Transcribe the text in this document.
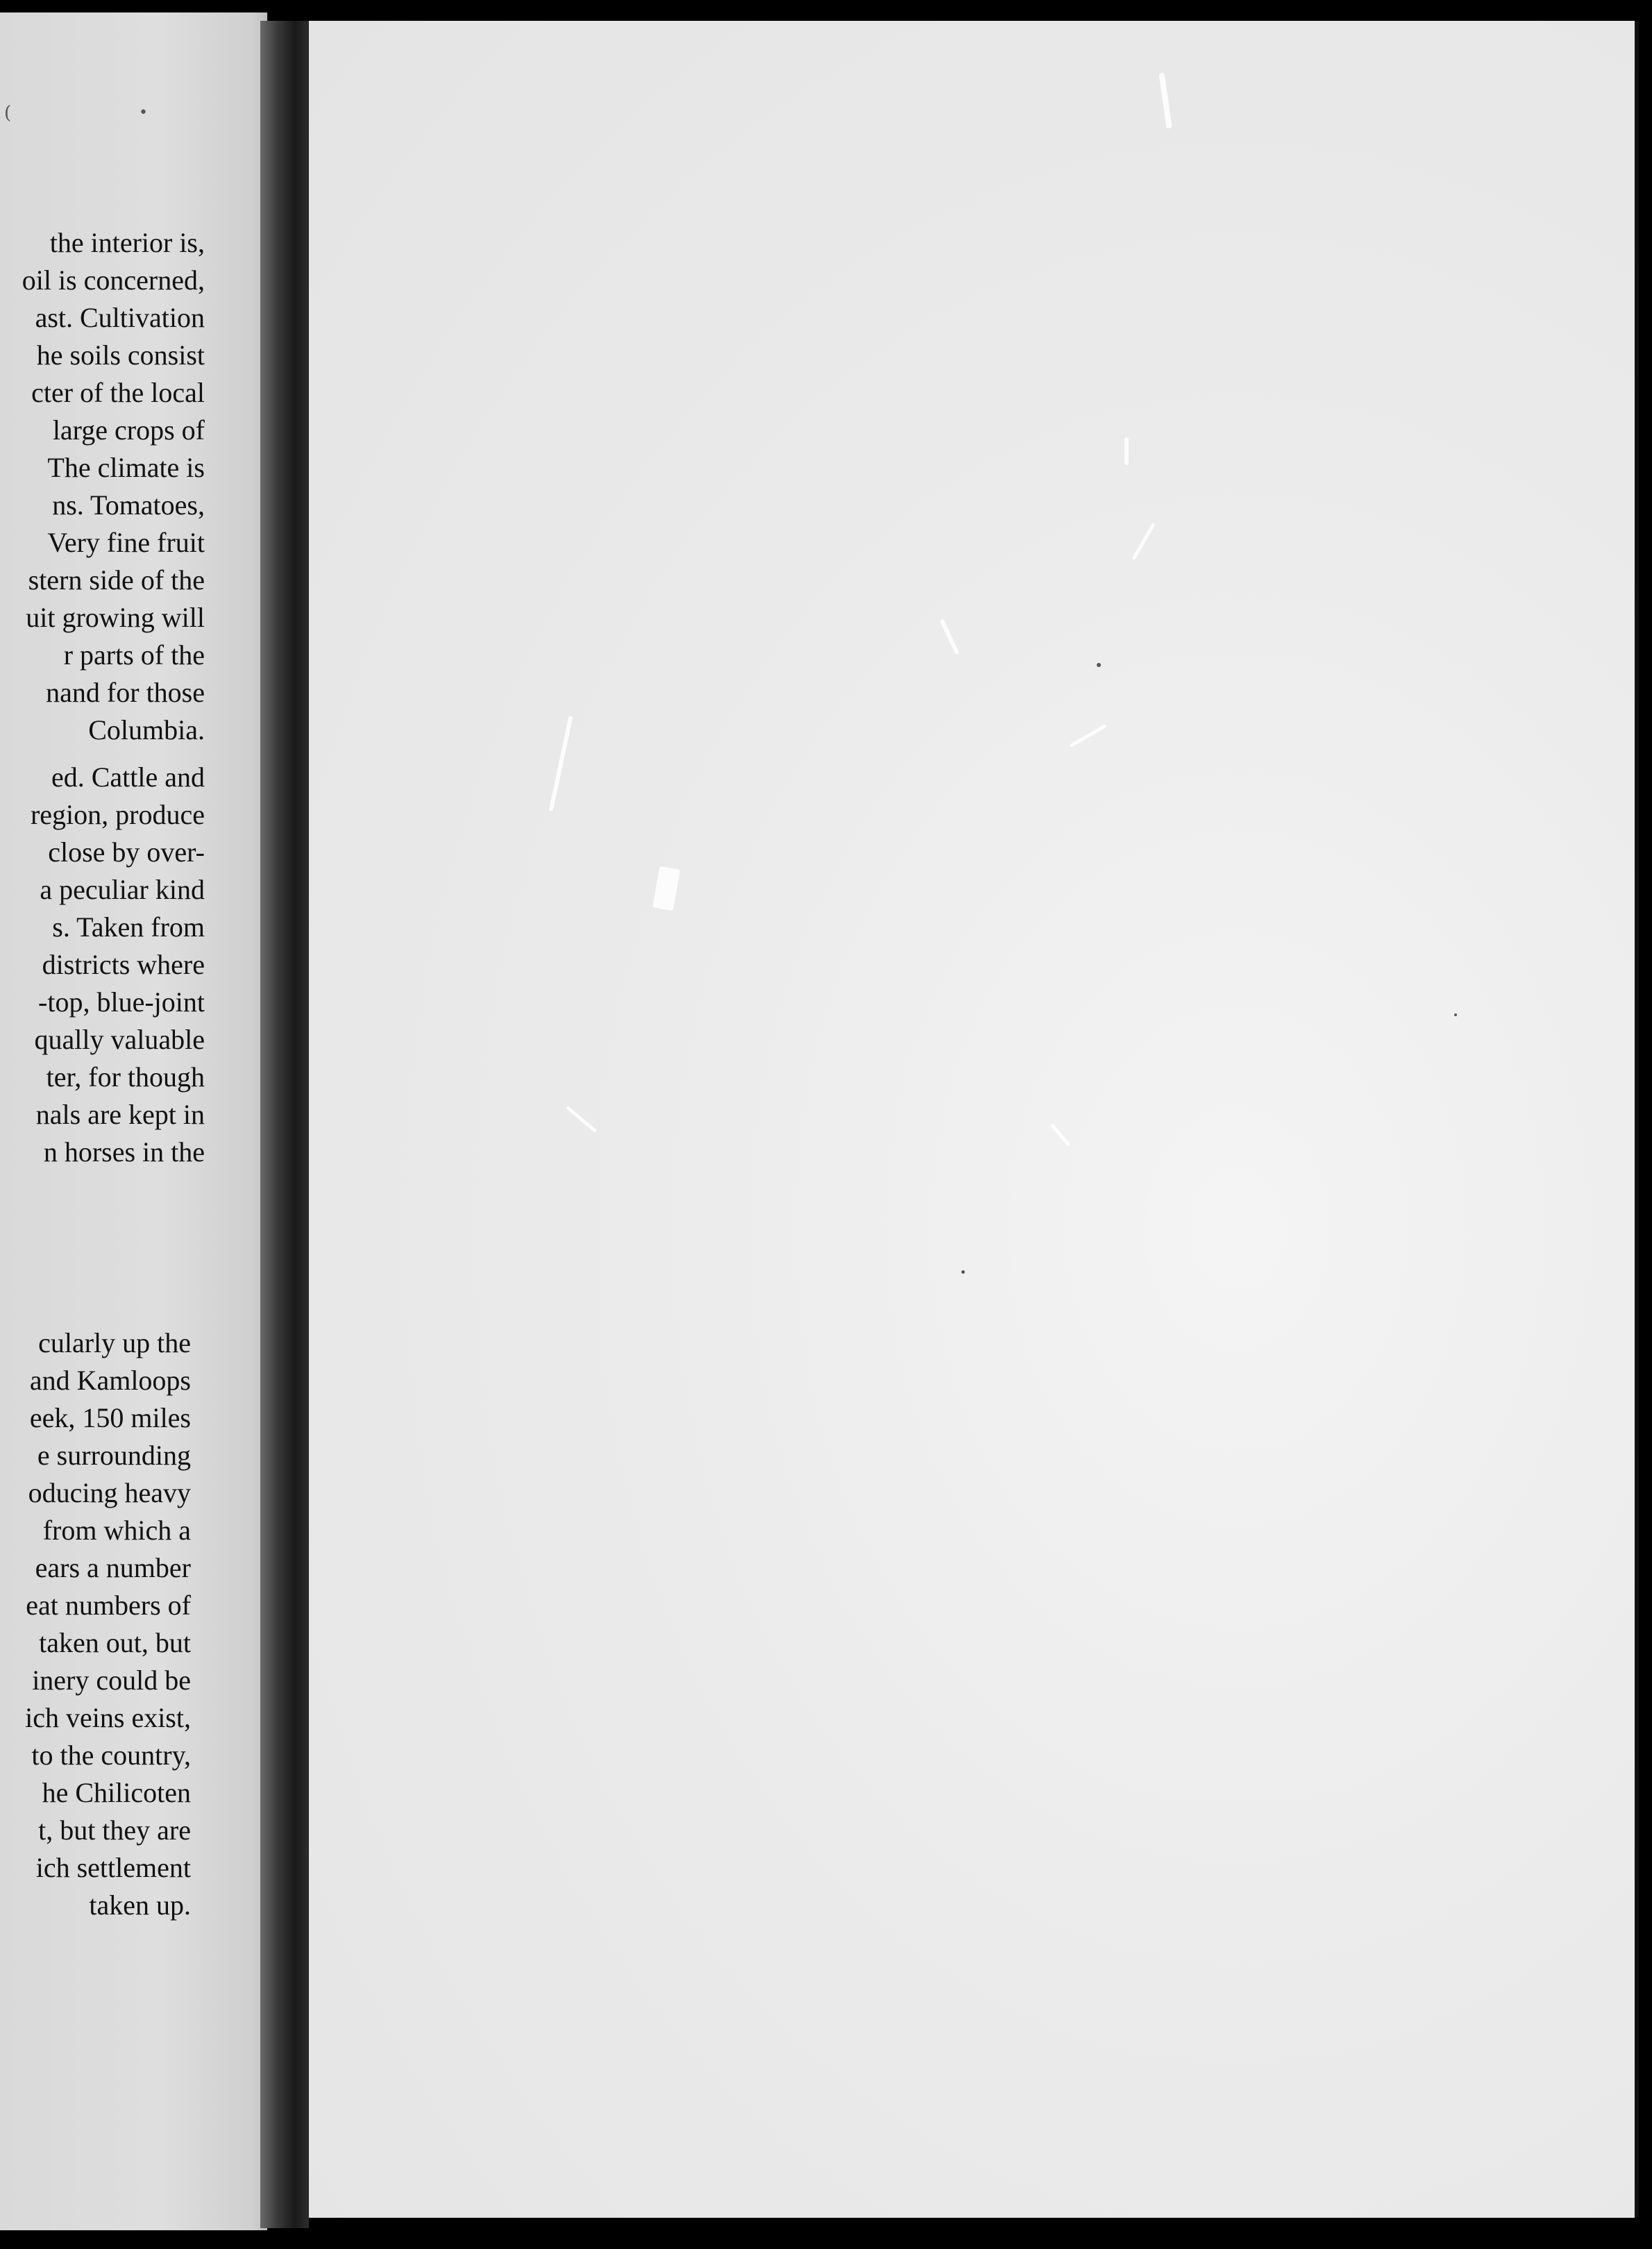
(	•
the interior is,
oil is concerned,
ast. Cultivation
he soils consist
cter of the local
large crops of
The climate is
ns. Tomatoes,
Very fine fruit
stern side of the
uit growing will
r parts of the
nand for those
Columbia.
ed. Cattle and
region, produce
close by over-
a peculiar kind
s. Taken from
districts where
-top, blue-joint
qually valuable
ter, for though
nals are kept in
n horses in the
cularly up the
and Kamloops
eek, 150 miles
e surrounding
oducing heavy
from which a
ears a number
eat numbers of
taken out, but
inery could be
ich veins exist,
to the country,
he Chilicoten
t, but they are
ich settlement
taken up.
